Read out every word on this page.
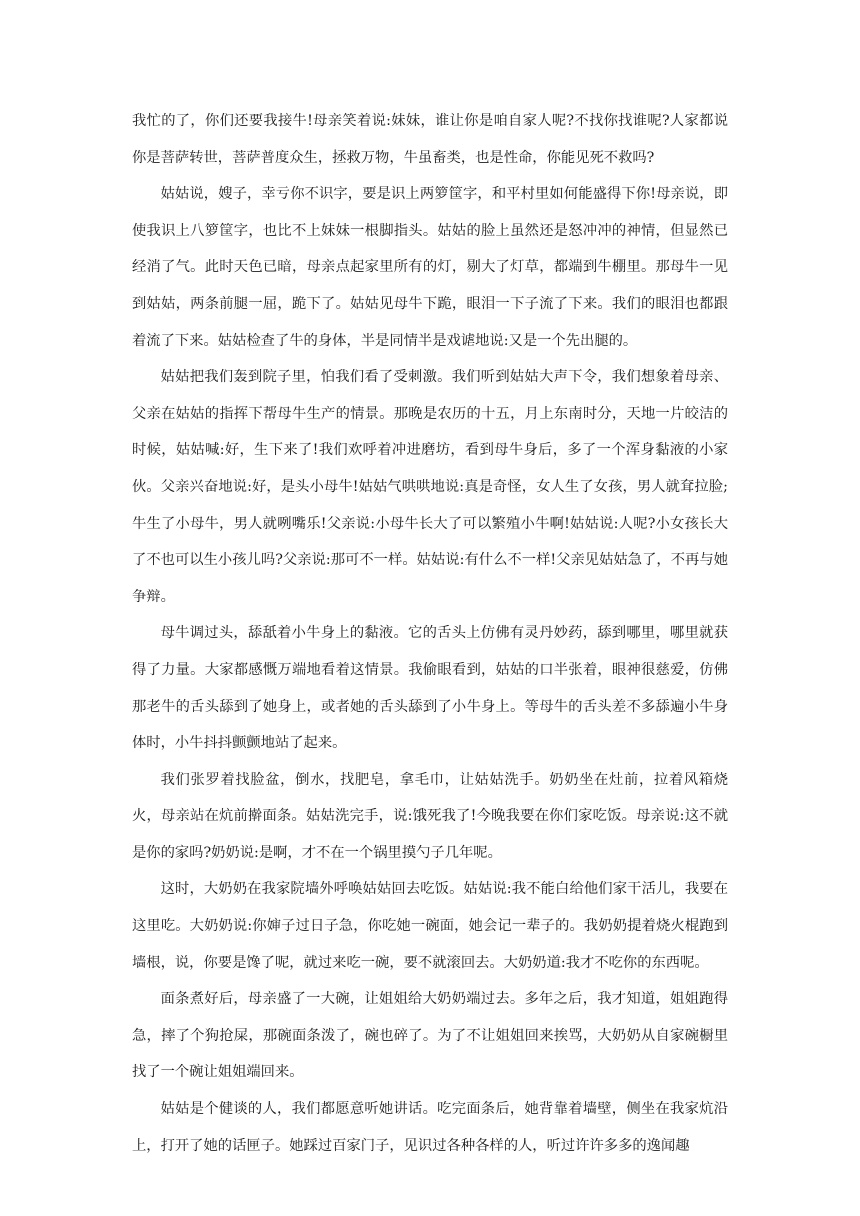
我忙的了，你们还要我接牛!母亲笑着说:妹妹，谁让你是咱自家人呢?不找你找谁呢?人家都说你是菩萨转世，菩萨普度众生，拯救万物，牛虽畜类，也是性命，你能见死不救吗?

姑姑说，嫂子，幸亏你不识字，要是识上两箩筐字，和平村里如何能盛得下你!母亲说，即使我识上八箩筐字，也比不上妹妹一根脚指头。姑姑的脸上虽然还是怒冲冲的神情，但显然已经消了气。此时天色已暗，母亲点起家里所有的灯，剔大了灯草，都端到牛棚里。那母牛一见到姑姑，两条前腿一屈，跪下了。姑姑见母牛下跪，眼泪一下子流了下来。我们的眼泪也都跟着流了下来。姑姑检查了牛的身体，半是同情半是戏谑地说:又是一个先出腿的。

姑姑把我们轰到院子里，怕我们看了受刺激。我们听到姑姑大声下令，我们想象着母亲、父亲在姑姑的指挥下帮母牛生产的情景。那晚是农历的十五，月上东南时分，天地一片皎洁的时候，姑姑喊:好，生下来了!我们欢呼着冲进磨坊，看到母牛身后，多了一个浑身黏液的小家伙。父亲兴奋地说:好，是头小母牛!姑姑气哄哄地说:真是奇怪，女人生了女孩，男人就耷拉脸;牛生了小母牛，男人就咧嘴乐!父亲说:小母牛长大了可以繁殖小牛啊!姑姑说:人呢?小女孩长大了不也可以生小孩儿吗?父亲说:那可不一样。姑姑说:有什么不一样!父亲见姑姑急了，不再与她争辩。

母牛调过头，舔舐着小牛身上的黏液。它的舌头上仿佛有灵丹妙药，舔到哪里，哪里就获得了力量。大家都感慨万端地看着这情景。我偷眼看到，姑姑的口半张着，眼神很慈爱，仿佛那老牛的舌头舔到了她身上，或者她的舌头舔到了小牛身上。等母牛的舌头差不多舔遍小牛身体时，小牛抖抖颤颤地站了起来。

我们张罗着找脸盆，倒水，找肥皂，拿毛巾，让姑姑洗手。奶奶坐在灶前，拉着风箱烧火，母亲站在炕前擀面条。姑姑洗完手，说:饿死我了!今晚我要在你们家吃饭。母亲说:这不就是你的家吗?奶奶说:是啊，才不在一个锅里摸勺子几年呢。

这时，大奶奶在我家院墙外呼唤姑姑回去吃饭。姑姑说:我不能白给他们家干活儿，我要在这里吃。大奶奶说:你婶子过日子急，你吃她一碗面，她会记一辈子的。我奶奶提着烧火棍跑到墙根，说，你要是馋了呢，就过来吃一碗，要不就滚回去。大奶奶道:我才不吃你的东西呢。

面条煮好后，母亲盛了一大碗，让姐姐给大奶奶端过去。多年之后，我才知道，姐姐跑得急，摔了个狗抢屎，那碗面条泼了，碗也碎了。为了不让姐姐回来挨骂，大奶奶从自家碗橱里找了一个碗让姐姐端回来。

姑姑是个健谈的人，我们都愿意听她讲话。吃完面条后，她背靠着墙壁，侧坐在我家炕沿上，打开了她的话匣子。她踩过百家门子，见识过各种各样的人，听过许许多多的逸闻趣
